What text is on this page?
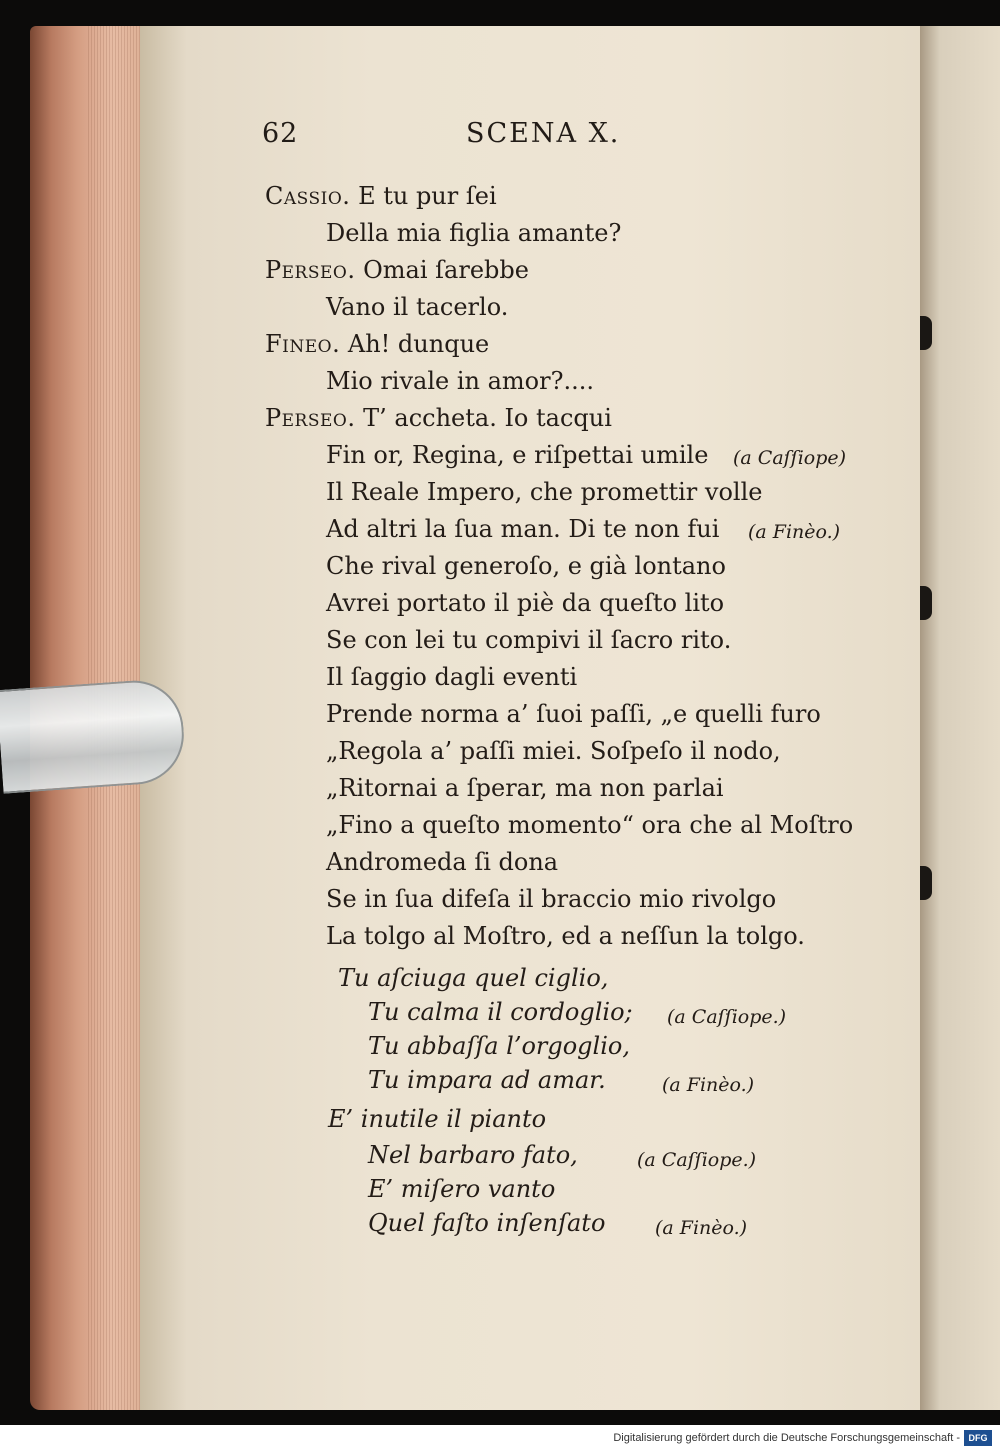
62	SCENA X.
Cassio. E tu pur ſei
Della mia figlia amante?
Perseo. Omai ſarebbe
Vano il tacerlo.
Fineo. Ah! dunque
Mio rivale in amor?....
Perseo. T’ accheta. Io tacqui
Fin or, Regina, e riſpettai umile (a Caſſiope)
Il Reale Impero, che promettir volle
Ad altri la ſua man. Di te non fui (a Finèo.)
Che rival generoſo, e già lontano
Avrei portato il piè da queſto lito
Se con lei tu compivi il ſacro rito.
Il ſaggio dagli eventi
Prende norma a’ ſuoi paſſi, „e quelli furo
„Regola a’ paſſi miei. Soſpeſo il nodo,
„Ritornai a ſperar, ma non parlai
„Fino a queſto momento“ ora che al Moſtro
Andromeda ſi dona
Se in ſua difeſa il braccio mio rivolgo
La tolgo al Moſtro, ed a neſſun la tolgo.
Tu aſciuga quel ciglio,
Tu calma il cordoglio; (a Caſſiope.)
Tu abbaſſa l’orgoglio,
Tu impara ad amar.	(a Finèo.)
E’ inutile il pianto
Nel barbaro fato,	(a Caſſiope.)
E’ miſero vanto
Quel faſto inſenſato	(a Finèo.)
Digitalisierung gefördert durch die Deutsche Forschungsgemeinschaft - DFG
